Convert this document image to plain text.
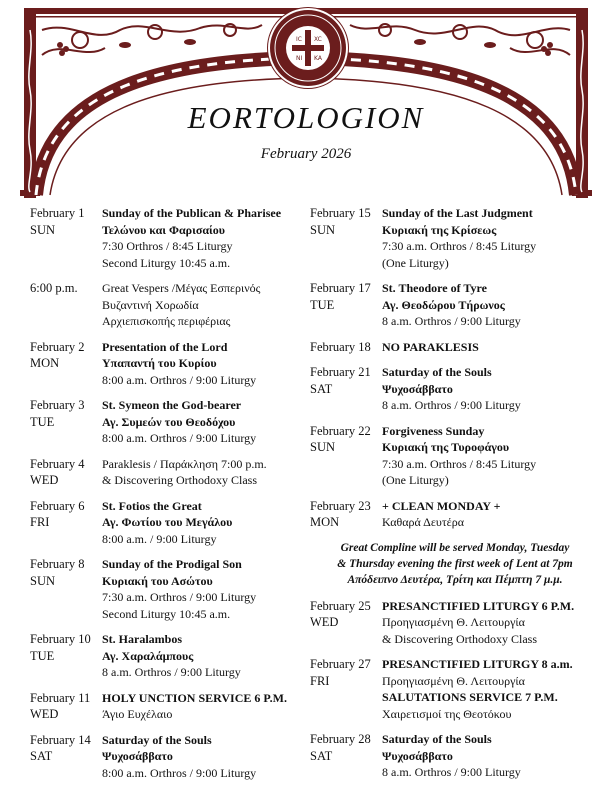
IC XC
NI KA
EORTOLOGION
February 2026
February 1
SUN
Sunday of the Publican & Pharisee
Τελώνου και Φαρισαίου
7:30 Orthros / 8:45 Liturgy
Second Liturgy 10:45 a.m.
6:00 p.m.	Great Vespers /Μέγας Εσπερινός
Βυζαντινή Χορωδία
Αρχιεπισκοπής περιφέριας
February 2
MON
Presentation of the Lord
Υπαπαντή του Κυρίου
8:00 a.m. Orthros / 9:00 Liturgy
February 3
TUE
St. Symeon the God-bearer
Αγ. Συμεών του Θεοδόχου
8:00 a.m. Orthros / 9:00 Liturgy
February 4
WED
Paraklesis / Παράκληση 7:00 p.m.
& Discovering Orthodoxy Class
February 6
FRI
St. Fotios the Great
Αγ. Φωτίου του Μεγάλου
8:00 a.m. / 9:00 Liturgy
February 8
SUN
Sunday of the Prodigal Son
Κυριακή του Ασώτου
7:30 a.m. Orthros / 9:00 Liturgy
Second Liturgy 10:45 a.m.
February 10
TUE
St. Haralambos
Αγ. Χαραλάμπους
8 a.m. Orthros / 9:00 Liturgy
February 11
WED
HOLY UNCTION SERVICE 6 P.M.
Άγιο Ευχέλαιο
February 14
SAT
Saturday of the Souls
Ψυχοσάββατο
8:00 a.m. Orthros / 9:00 Liturgy
February 15
SUN
Sunday of the Last Judgment
Κυριακή της Κρίσεως
7:30 a.m. Orthros / 8:45 Liturgy
(One Liturgy)
February 17
TUE
St. Theodore of Tyre
Αγ. Θεοδώρου Τήρωνος
8 a.m. Orthros / 9:00 Liturgy
February 18 NO PARAKLESIS
February 21
SAT
Saturday of the Souls
Ψυχοσάββατο
8 a.m. Orthros / 9:00 Liturgy
February 22
SUN
Forgiveness Sunday
Κυριακή της Τυροφάγου
7:30 a.m. Orthros / 8:45 Liturgy
(One Liturgy)
February 23
MON
+ CLEAN MONDAY +
Καθαρά Δευτέρα
Great Compline will be served Monday, Tuesday
& Thursday evening the first week of Lent at 7pm
Απόδειπνο Δευτέρα, Τρίτη και Πέμπτη 7 μ.μ.
February 25
WED
PRESANCTIFIED LITURGY 6 P.M.
Προηγιασμένη Θ. Λειτουργία
& Discovering Orthodoxy Class
February 27
FRI
PRESANCTIFIED LITURGY 8 a.m.
Προηγιασμένη Θ. Λειτουργία
SALUTATIONS SERVICE 7 P.M.
Χαιρετισμοί της Θεοτόκου
February 28
SAT
Saturday of the Souls
Ψυχοσάββατο
8 a.m. Orthros / 9:00 Liturgy
